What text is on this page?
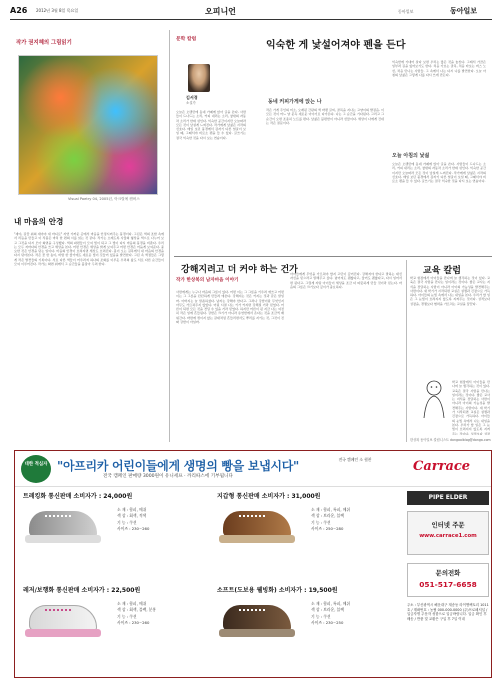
A26 2012년 3월 8일 목요일	오피니언	동아일보	동아일보
작가 권지혜의 그림읽기
Visual Poetry 04, 2005년, 아크릴에 캔버스
내 마음의 안경
"새야, 갈꽃 위의 새야야 새 마디로" 자연 가까운 곳에서 마음을 안정시켜주는 풍경이다. 그림은 색의 조합 속에서 리듬을 만들고 이 작품은 마치 한 편의 시를 읽는 것 같다. 작가는 오래도록 사물의 형상을 색으로 나누어 보고 그것을 다시 모아 화면을 구성했다. 색의 파편들이 모여 빛이 되고 그 빛이 다시 마음의 풍경을 비춘다. 우리는 모두 저마다의 안경을 쓰고 세상을 본다. 어떤 안경은 세상을 밝게 보여주고 어떤 안경은 어둡게 보여준다. 중요한 것은 안경을 닦는 일이다. 마음의 안경이 흐려지면 세상도 흐려진다. 봄이 오는 길목에서 내 마음의 안경을 다시 닦아본다. 작은 꽃 한 송이, 바람 한 줄기에도 새로운 빛이 깃들어 있음을 발견한다. 그림 속 색점들은 그렇게 작은 발견들의 기록이다. 서로 다른 색들이 어우러져 하나의 조화를 이루듯 우리의 삶도 서로 다른 순간들이 모여 이루어진다. 작가는 화면 위에서 그 순간들을 붙잡아 두려 한다.
문학 칼럼
김서경
소설가
익숙한 게 낯설어져야 펜을 든다
오늘은 오랜만에 동네 카페에 앉아 글을 쓴다. 사람들이 드나드는 소리, 커피 내리는 소리, 창밖의 자동차 소리가 한데 섞인다. 익숙한 공간이지만 오늘따라 모든 것이 낯설게 느껴진다. 작가에게 낯섦은 시작의 신호다. 매일 보던 풍경에서 갑자기 다른 얼굴이 보일 때, 그때서야 비로소 펜을 들 수 있다. 글쓰기는 결국 익숙한 것을 다시 보는 연습이다.
동네 커피가게에 앉는 나
작은 가게 주인의 미소, 오래된 간판의 색 바랜 글씨, 골목을 지나는 고양이의 발걸음. 이 모든 것이 어느 날 문득 새로운 이야기로 다가온다. 나는 그 순간을 기다린다. 그리고 그 순간이 오면 조용히 노트를 편다. 낯섦은 불편함이 아니라 선물이다. 세상이 나에게 건네는 작은 질문이다.
익숙함에 기대어 살다 보면 우리는 많은 것을 놓친다. 그래서 가끔은 일부러 길을 잃어보기도 한다. 처음 가보는 골목, 처음 타보는 버스 노선, 처음 만나는 사람들. 그 속에서 나는 다시 나를 발견한다. 오늘 아침의 낯섦은 그렇게 나를 다시 쓰게 만든다.
오늘 아침의 낯섦
오늘은 오랜만에 동네 카페에 앉아 글을 쓴다. 사람들이 드나드는 소리, 커피 내리는 소리, 창밖의 자동차 소리가 한데 섞인다. 익숙한 공간이지만 오늘따라 모든 것이 낯설게 느껴진다. 작가에게 낯섦은 시작의 신호다. 매일 보던 풍경에서 갑자기 다른 얼굴이 보일 때, 그때서야 비로소 펜을 들 수 있다. 글쓰기는 결국 익숙한 것을 다시 보는 연습이다.
강해지려고 더 커야 하는 건가
작가 한상복의 남자마음 이야기
사람에게는 누구나 마음의 그릇이 있다. 어떤 이는 그 그릇을 키우려 애쓰고 어떤 이는 그 그릇을 단단하게 만들려 애쓴다. 강해지는 것은 커지는 것과 같은 말일까. 아버지는 늘 말씀하셨다. 남자는 강해야 한다고. 그러나 강함이란 무엇인지 아무도 가르쳐주지 않았다. 어린 시절 나는 키가 커지면 강해질 거라 믿었다. 어른이 되면 모든 것을 견딜 수 있을 거라 믿었다. 하지만 어른이 된 지금 나는 여전히 작은 일에 흔들린다. 강함은 크기가 아니라 유연함에서 온다는 것을 조금씩 배워간다. 바람에 꺾이지 않는 갈대처럼 흔들리면서도 뿌리를 지키는 것, 그것이 진짜 강함이 아닐까.
아이들에게 무엇을 가르쳐야 할지 고민이 깊어진다. 강해져야 한다고 말하는 대신 자신을 믿으라고 말해주고 싶다. 넘어져도 괜찮다고, 울어도 괜찮다고, 다시 일어서면 된다고. 그렇게 자란 아이들이 세상을 조금 더 따뜻하게 만들 것이라 믿는다. 마음의 그릇은 크기보다 깊이가 중요하다.
교육 칼럼
학교 현장에서 아이들을 만나며 늘 생각하는 것이 있다. 교육은 결국 사람을 만나는 일이라는 것이다. 좋은 교사는 지식을 전달하는 사람이 아니라 아이의 가능성을 발견해주는 사람이다. 새 학기가 시작되면 교실은 설렘과 긴장으로 가득하다. 아이들의 눈빛 속에서 나는 내일을 본다. 우리가 할 일은 그 눈빛이 흐려지지 않도록 지켜주는 것이다. 성적보다 성장을, 경쟁보다 협력을 가르치는 교실을 꿈꾼다.
학교 현장에서 아이들을 만나며 늘 생각하는 것이 있다. 교육은 결국 사람을 만나는 일이라는 것이다. 좋은 교사는 지식을 전달하는 사람이 아니라 아이의 가능성을 발견해주는 사람이다. 새 학기가 시작되면 교실은 설렘과 긴장으로 가득하다. 아이들의 눈빛 속에서 나는 내일을 본다. 우리가 할 일은 그 눈빛이 흐려지지 않도록 지켜주는 것이다. 성적보다 성장
한상복 동아일보 칼럼니스트 dongaolblog@donga.com
대한 적십자 "아프리카 어린이들에게 생명의 빵을 보냅시다"
전국 캠페인 판매량 3000원이 유니세프 · 까리따스에 기부됩니다
전국 캠페인 소 협찬	Carrace
트레킹화 통신판매 소비자가 : 24,000원
소 재 : 합피, 메쉬
색 상 : 회색, 적색
기 능 : 쿠션
사이즈 : 230~260
지갑형 통신판매 소비자가 : 31,000원
소 재 : 합피, 특피, 메쉬
색 상 : 브라운, 블랙
기 능 : 쿠션
사이즈 : 250~280
레저/보행화 통신판매 소비자가 : 22,500원
소 재 : 합피, 메쉬
색 상 : 회색, 블랙, 분홍
기 능 : 쿠션
사이즈 : 230~260
소프트(도보용 웰빙화) 소비자가 : 19,500원
소 재 : 합피, 특피, 메쉬
색 상 : 브라운, 블랙
기 능 : 쿠션
사이즈 : 230~250
PIPE ELDER
인터넷 주문
www.carrace1.com
문의전화
051-517-6658
주소 : 부산광역시 해운대구 재송동 라이엔팩토리 1011호 / 계좌번호 : 농협 000-000-0000 (주)프로페셔널 / 입금자명 주문자 성함으로 입금바랍니다. 입금 확인 후 배송 / 반품 및 교환은 구입 후 7일 이내
